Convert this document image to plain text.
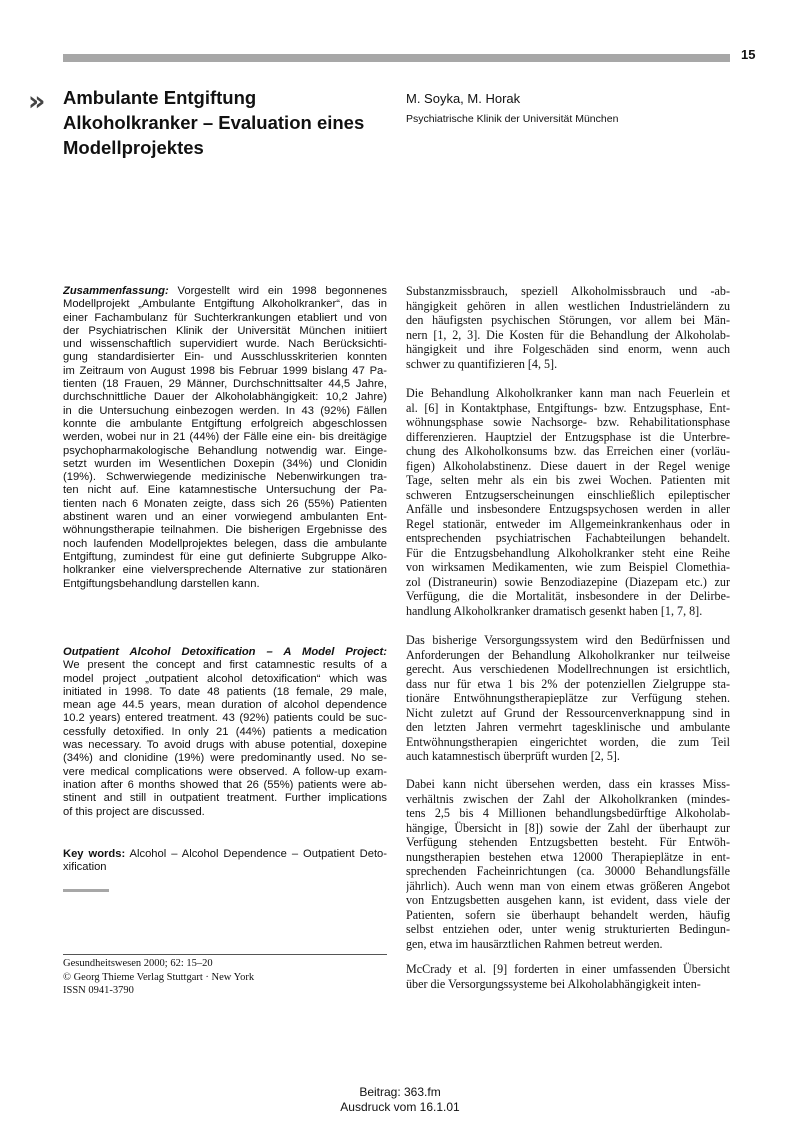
15
» Ambulante Entgiftung
Alkoholkranker – Evaluation eines
Modellprojektes
M. Soyka, M. Horak
Psychiatrische Klinik der Universität München
Zusammenfassung: Vorgestellt wird ein 1998 begonnenes
Modellprojekt „Ambulante Entgiftung Alkoholkranker“, das in
einer Fachambulanz für Suchterkrankungen etabliert und von
der Psychiatrischen Klinik der Universität München initiiert
und wissenschaftlich supervidiert wurde. Nach Berücksichti-
gung standardisierter Ein- und Ausschlusskriterien konnten
im Zeitraum von August 1998 bis Februar 1999 bislang 47 Pa-
tienten (18 Frauen, 29 Männer, Durchschnittsalter 44,5 Jahre,
durchschnittliche Dauer der Alkoholabhängigkeit: 10,2 Jahre)
in die Untersuchung einbezogen werden. In 43 (92%) Fällen
konnte die ambulante Entgiftung erfolgreich abgeschlossen
werden, wobei nur in 21 (44%) der Fälle eine ein- bis dreitägige
psychopharmakologische Behandlung notwendig war. Einge-
setzt wurden im Wesentlichen Doxepin (34%) und Clonidin
(19%). Schwerwiegende medizinische Nebenwirkungen tra-
ten nicht auf. Eine katamnestische Untersuchung der Pa-
tienten nach 6 Monaten zeigte, dass sich 26 (55%) Patienten
abstinent waren und an einer vorwiegend ambulanten Ent-
wöhnungstherapie teilnahmen. Die bisherigen Ergebnisse des
noch laufenden Modellprojektes belegen, dass die ambulante
Entgiftung, zumindest für eine gut definierte Subgruppe Alko-
holkranker eine vielversprechende Alternative zur stationären
Entgiftungsbehandlung darstellen kann.
Outpatient Alcohol Detoxification – A Model Project:
We present the concept and first catamnestic results of a
model project „outpatient alcohol detoxification“ which was
initiated in 1998. To date 48 patients (18 female, 29 male,
mean age 44.5 years, mean duration of alcohol dependence
10.2 years) entered treatment. 43 (92%) patients could be suc-
cessfully detoxified. In only 21 (44%) patients a medication
was necessary. To avoid drugs with abuse potential, doxepine
(34%) and clonidine (19%) were predominantly used. No se-
vere medical complications were observed. A follow-up exam-
ination after 6 months showed that 26 (55%) patients were ab-
stinent and still in outpatient treatment. Further implications
of this project are discussed.
Key words: Alcohol – Alcohol Dependence – Outpatient Deto-
xification
Gesundheitswesen 2000; 62: 15–20
© Georg Thieme Verlag Stuttgart · New York
ISSN 0941-3790
Substanzmissbrauch, speziell Alkoholmissbrauch und -ab-
hängigkeit gehören in allen westlichen Industrieländern zu
den häufigsten psychischen Störungen, vor allem bei Män-
nern [1, 2, 3]. Die Kosten für die Behandlung der Alkoholab-
hängigkeit und ihre Folgeschäden sind enorm, wenn auch
schwer zu quantifizieren [4, 5].
Die Behandlung Alkoholkranker kann man nach Feuerlein et
al. [6] in Kontaktphase, Entgiftungs- bzw. Entzugsphase, Ent-
wöhnungsphase sowie Nachsorge- bzw. Rehabilitationsphase
differenzieren. Hauptziel der Entzugsphase ist die Unterbre-
chung des Alkoholkonsums bzw. das Erreichen einer (vorläu-
figen) Alkoholabstinenz. Diese dauert in der Regel wenige
Tage, selten mehr als ein bis zwei Wochen. Patienten mit
schweren Entzugserscheinungen einschließlich epileptischer
Anfälle und insbesondere Entzugspsychosen werden in aller
Regel stationär, entweder im Allgemeinkrankenhaus oder in
entsprechenden psychiatrischen Fachabteilungen behandelt.
Für die Entzugsbehandlung Alkoholkranker steht eine Reihe
von wirksamen Medikamenten, wie zum Beispiel Clomethia-
zol (Distraneurin) sowie Benzodiazepine (Diazepam etc.) zur
Verfügung, die die Mortalität, insbesondere in der Delirbe-
handlung Alkoholkranker dramatisch gesenkt haben [1, 7, 8].
Das bisherige Versorgungssystem wird den Bedürfnissen und
Anforderungen der Behandlung Alkoholkranker nur teilweise
gerecht. Aus verschiedenen Modellrechnungen ist ersichtlich,
dass nur für etwa 1 bis 2% der potenziellen Zielgruppe sta-
tionäre Entwöhnungstherapieplätze zur Verfügung stehen.
Nicht zuletzt auf Grund der Ressourcenverknappung sind in
den letzten Jahren vermehrt tagesklinische und ambulante
Entwöhnungstherapien eingerichtet worden, die zum Teil
auch katamnestisch überprüft wurden [2, 5].
Dabei kann nicht übersehen werden, dass ein krasses Miss-
verhältnis zwischen der Zahl der Alkoholkranken (mindes-
tens 2,5 bis 4 Millionen behandlungsbedürftige Alkoholab-
hängige, Übersicht in [8]) sowie der Zahl der überhaupt zur
Verfügung stehenden Entzugsbetten besteht. Für Entwöh-
nungstherapien bestehen etwa 12000 Therapieplätze in ent-
sprechenden Facheinrichtungen (ca. 30000 Behandlungsfälle
jährlich). Auch wenn man von einem etwas größeren Angebot
von Entzugsbetten ausgehen kann, ist evident, dass viele der
Patienten, sofern sie überhaupt behandelt werden, häufig
selbst entziehen oder, unter wenig strukturierten Bedingun-
gen, etwa im hausärztlichen Rahmen betreut werden.
McCrady et al. [9] forderten in einer umfassenden Übersicht
über die Versorgungssysteme bei Alkoholabhängigkeit inten-
Beitrag: 363.fm
Ausdruck vom 16.1.01
